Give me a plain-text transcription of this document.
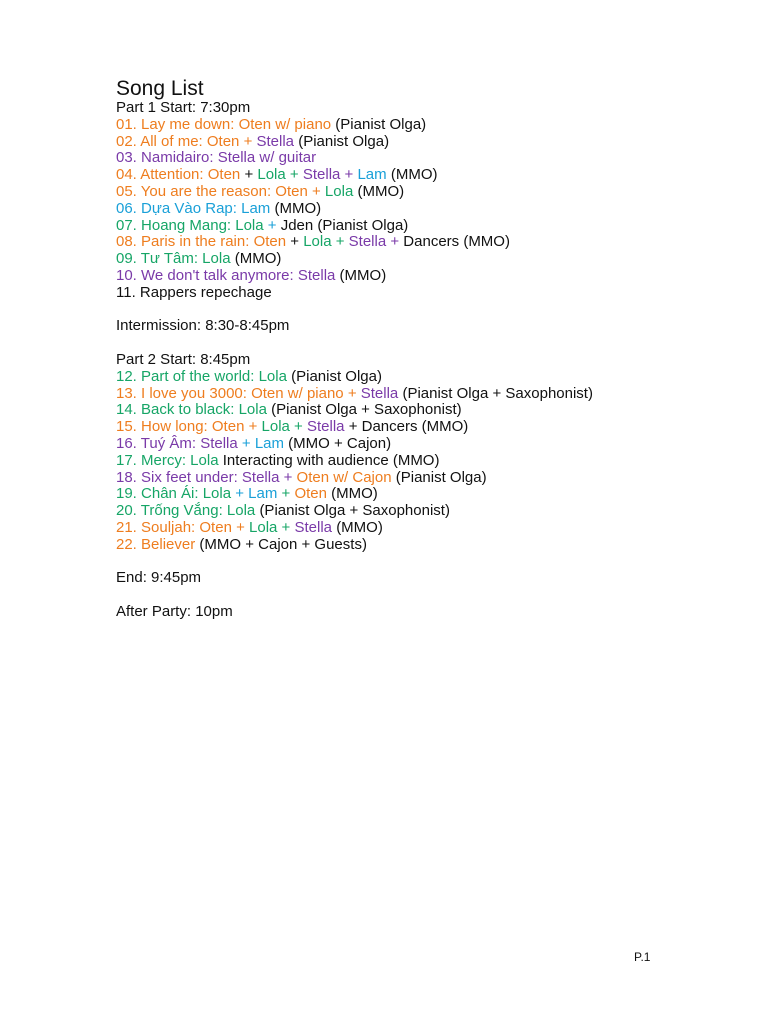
Song List
Part 1 Start: 7:30pm
01. Lay me down: Oten w/ piano (Pianist Olga)
02. All of me: Oten + Stella (Pianist Olga)
03. Namidairo: Stella w/ guitar
04. Attention: Oten + Lola + Stella + Lam (MMO)
05. You are the reason: Oten + Lola (MMO)
06. Dựa Vào Rap: Lam (MMO)
07. Hoang Mang: Lola + Jden (Pianist Olga)
08. Paris in the rain: Oten + Lola + Stella + Dancers (MMO)
09. Tư Tâm: Lola (MMO)
10. We don't talk anymore: Stella (MMO)
11. Rappers repechage
Intermission: 8:30-8:45pm
Part 2 Start: 8:45pm
12. Part of the world: Lola (Pianist Olga)
13. I love you 3000: Oten w/ piano + Stella (Pianist Olga + Saxophonist)
14. Back to black: Lola (Pianist Olga + Saxophonist)
15. How long: Oten + Lola + Stella + Dancers (MMO)
16. Tuý Âm: Stella + Lam (MMO + Cajon)
17. Mercy: Lola Interacting with audience (MMO)
18. Six feet under: Stella + Oten w/ Cajon (Pianist Olga)
19. Chân Ái: Lola + Lam + Oten (MMO)
20. Trống Vắng: Lola (Pianist Olga + Saxophonist)
21. Souljah: Oten + Lola + Stella (MMO)
22. Believer (MMO + Cajon + Guests)
End: 9:45pm
After Party: 10pm
P.1
